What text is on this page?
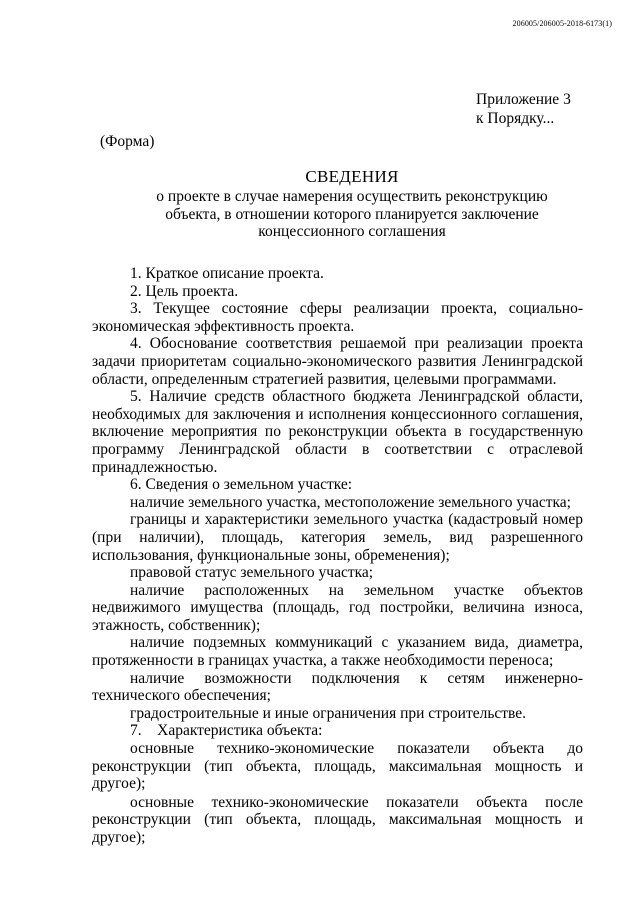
206005/206005-2018-6173(1)
Приложение 3
к Порядку...
(Форма)
СВЕДЕНИЯ
о проекте в случае намерения осуществить реконструкцию
объекта, в отношении которого планируется заключение
концессионного соглашения

1. Краткое описание проекта.

2. Цель проекта.

3. Текущее состояние сферы реализации проекта, социально-экономическая эффективность проекта.

4. Обоснование соответствия решаемой при реализации проекта задачи приоритетам социально-экономического развития Ленинградской области, определенным стратегией развития, целевыми программами.

5. Наличие средств областного бюджета Ленинградской области, необходимых для заключения и исполнения концессионного соглашения, включение мероприятия по реконструкции объекта в государственную программу Ленинградской области в соответствии с отраслевой принадлежностью.

6. Сведения о земельном участке:

наличие земельного участка, местоположение земельного участка;

границы и характеристики земельного участка (кадастровый номер (при наличии), площадь, категория земель, вид разрешенного использования, функциональные зоны, обременения);

правовой статус земельного участка;

наличие расположенных на земельном участке объектов недвижимого имущества (площадь, год постройки, величина износа, этажность, собственник);

наличие подземных коммуникаций с указанием вида, диаметра, протяженности в границах участка, а также необходимости переноса;

наличие возможности подключения к сетям инженерно-технического обеспечения;

градостроительные и иные ограничения при строительстве.

7.    Характеристика объекта:

основные технико-экономические показатели объекта до реконструкции (тип объекта, площадь, максимальная мощность и другое);

основные технико-экономические показатели объекта после реконструкции (тип объекта, площадь, максимальная мощность и другое);
